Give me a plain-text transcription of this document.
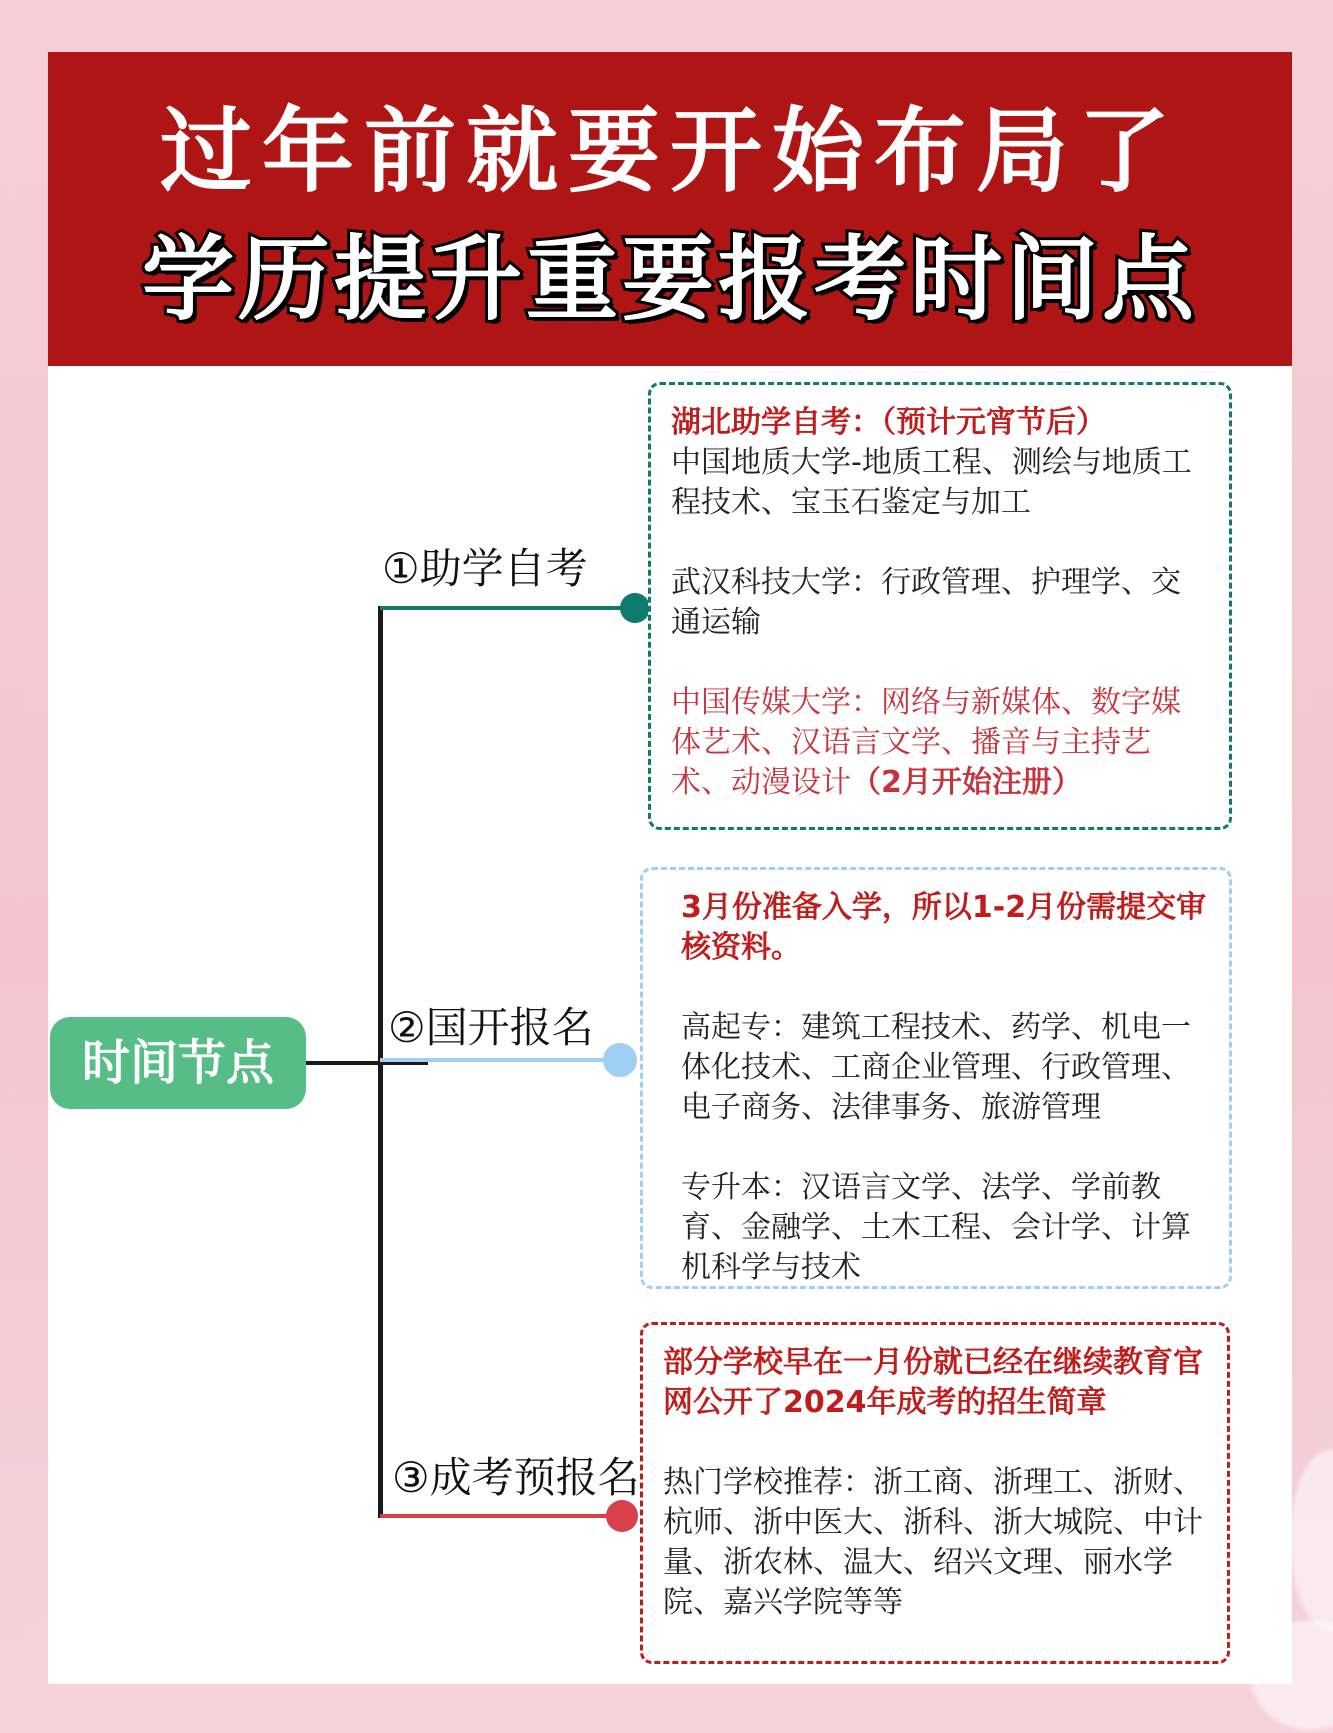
过年前就要开始布局了
学历提升重要报考时间点
①助学自考
②国开报名
③成考预报名
时间节点

湖北助学自考：（预计元宵节后）

中国地质大学-地质工程、测绘与地质工程技术、宝玉石鉴定与加工

武汉科技大学：行政管理、护理学、交通运输

中国传媒大学：网络与新媒体、数字媒体艺术、汉语言文学、播音与主持艺术、动漫设计（2月开始注册）

3月份准备入学，所以1-2月份需提交审核资料。

高起专：建筑工程技术、药学、机电一体化技术、工商企业管理、行政管理、电子商务、法律事务、旅游管理

专升本：汉语言文学、法学、学前教育、金融学、土木工程、会计学、计算机科学与技术

部分学校早在一月份就已经在继续教育官网公开了2024年成考的招生简章

热门学校推荐：浙工商、浙理工、浙财、杭师、浙中医大、浙科、浙大城院、中计量、浙农林、温大、绍兴文理、丽水学院、嘉兴学院等等
